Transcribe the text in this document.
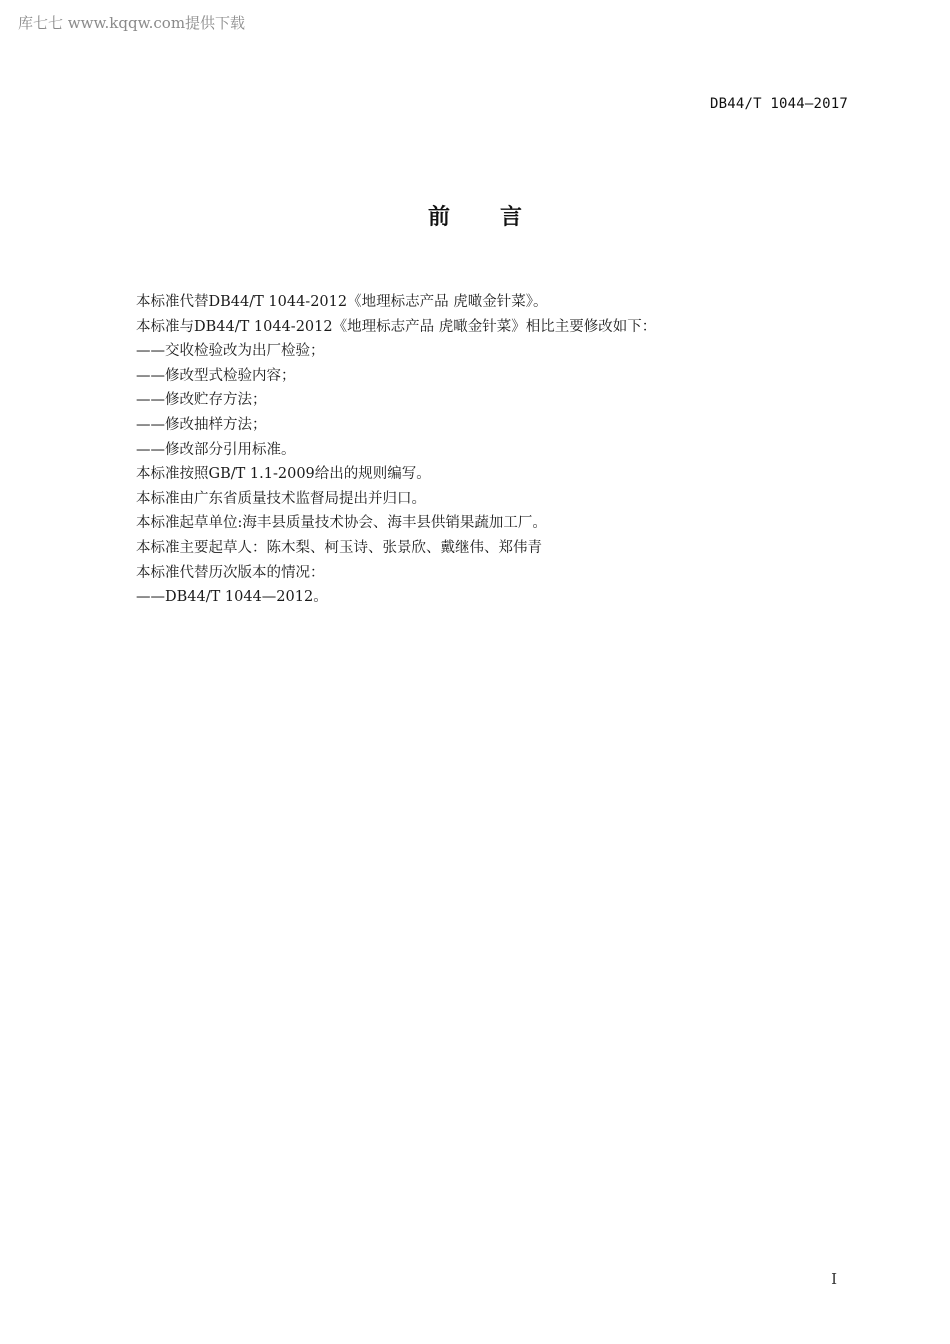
库七七 www.kqqw.com提供下载
DB44/T 1044—2017
前言
本标准代替DB44/T 1044-2012《地理标志产品 虎噉金针菜》。
本标准与DB44/T 1044-2012《地理标志产品 虎噉金针菜》相比主要修改如下：
——交收检验改为出厂检验；
——修改型式检验内容；
——修改贮存方法；
——修改抽样方法；
——修改部分引用标准。
本标准按照GB/T 1.1-2009给出的规则编写。
本标准由广东省质量技术监督局提出并归口。
本标准起草单位:海丰县质量技术协会、海丰县供销果蔬加工厂。
本标准主要起草人：陈木梨、柯玉诗、张景欣、戴继伟、郑伟青
本标准代替历次版本的情况：
——DB44/T 1044—2012。
I
